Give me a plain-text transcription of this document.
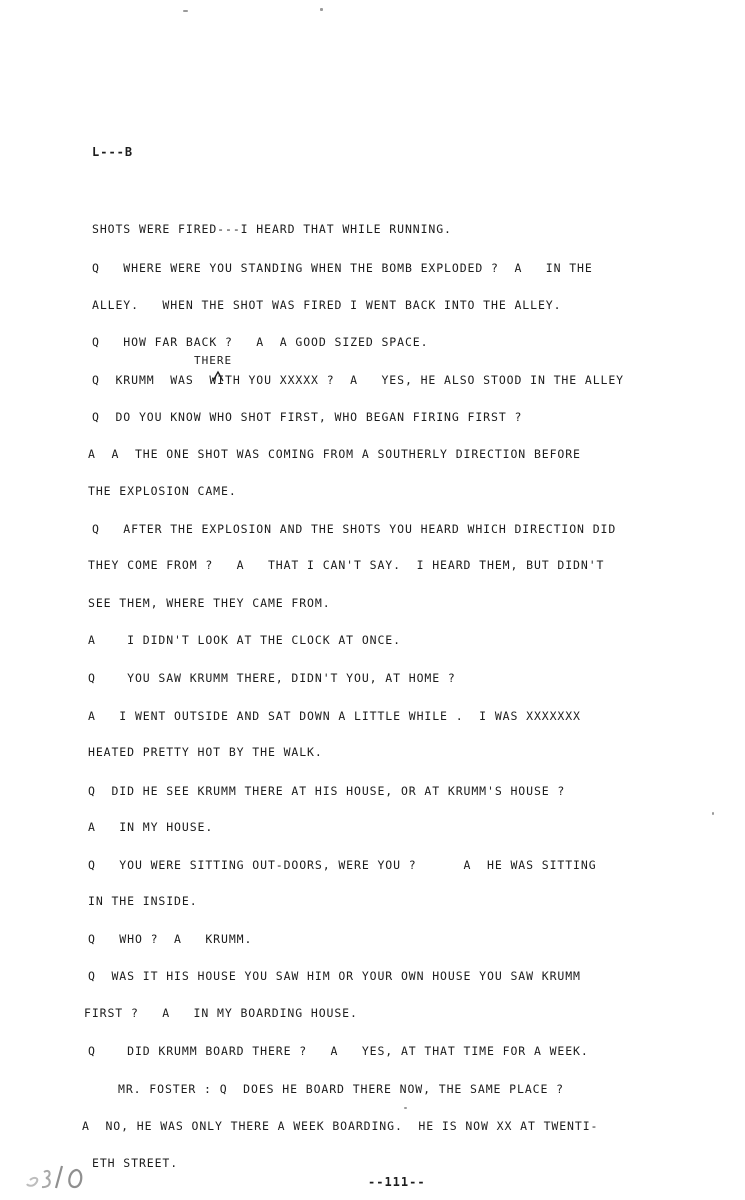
L---B
THERE
SHOTS WERE FIRED---I HEARD THAT WHILE RUNNING.
Q   WHERE WERE YOU STANDING WHEN THE BOMB EXPLODED ?  A   IN THE
ALLEY.   WHEN THE SHOT WAS FIRED I WENT BACK INTO THE ALLEY.
Q   HOW FAR BACK ?   A  A GOOD SIZED SPACE.
Q  KRUMM  WAS  WITH YOU XXXXX ?  A   YES, HE ALSO STOOD IN THE ALLEY
Q  DO YOU KNOW WHO SHOT FIRST, WHO BEGAN FIRING FIRST ?
A  A  THE ONE SHOT WAS COMING FROM A SOUTHERLY DIRECTION BEFORE
THE EXPLOSION CAME.
Q   AFTER THE EXPLOSION AND THE SHOTS YOU HEARD WHICH DIRECTION DID
THEY COME FROM ?   A   THAT I CAN'T SAY.  I HEARD THEM, BUT DIDN'T
SEE THEM, WHERE THEY CAME FROM.
A    I DIDN'T LOOK AT THE CLOCK AT ONCE.
Q    YOU SAW KRUMM THERE, DIDN'T YOU, AT HOME ?
A   I WENT OUTSIDE AND SAT DOWN A LITTLE WHILE .  I WAS XXXXXXX
HEATED PRETTY HOT BY THE WALK.
Q  DID HE SEE KRUMM THERE AT HIS HOUSE, OR AT KRUMM'S HOUSE ?
A   IN MY HOUSE.
Q   YOU WERE SITTING OUT-DOORS, WERE YOU ?      A  HE WAS SITTING
IN THE INSIDE.
Q   WHO ?  A   KRUMM.
Q  WAS IT HIS HOUSE YOU SAW HIM OR YOUR OWN HOUSE YOU SAW KRUMM
FIRST ?   A   IN MY BOARDING HOUSE.
Q    DID KRUMM BOARD THERE ?   A   YES, AT THAT TIME FOR A WEEK.
MR. FOSTER : Q  DOES HE BOARD THERE NOW, THE SAME PLACE ?
A  NO, HE WAS ONLY THERE A WEEK BOARDING.  HE IS NOW XX AT TWENTI-
ETH STREET.
--111--
